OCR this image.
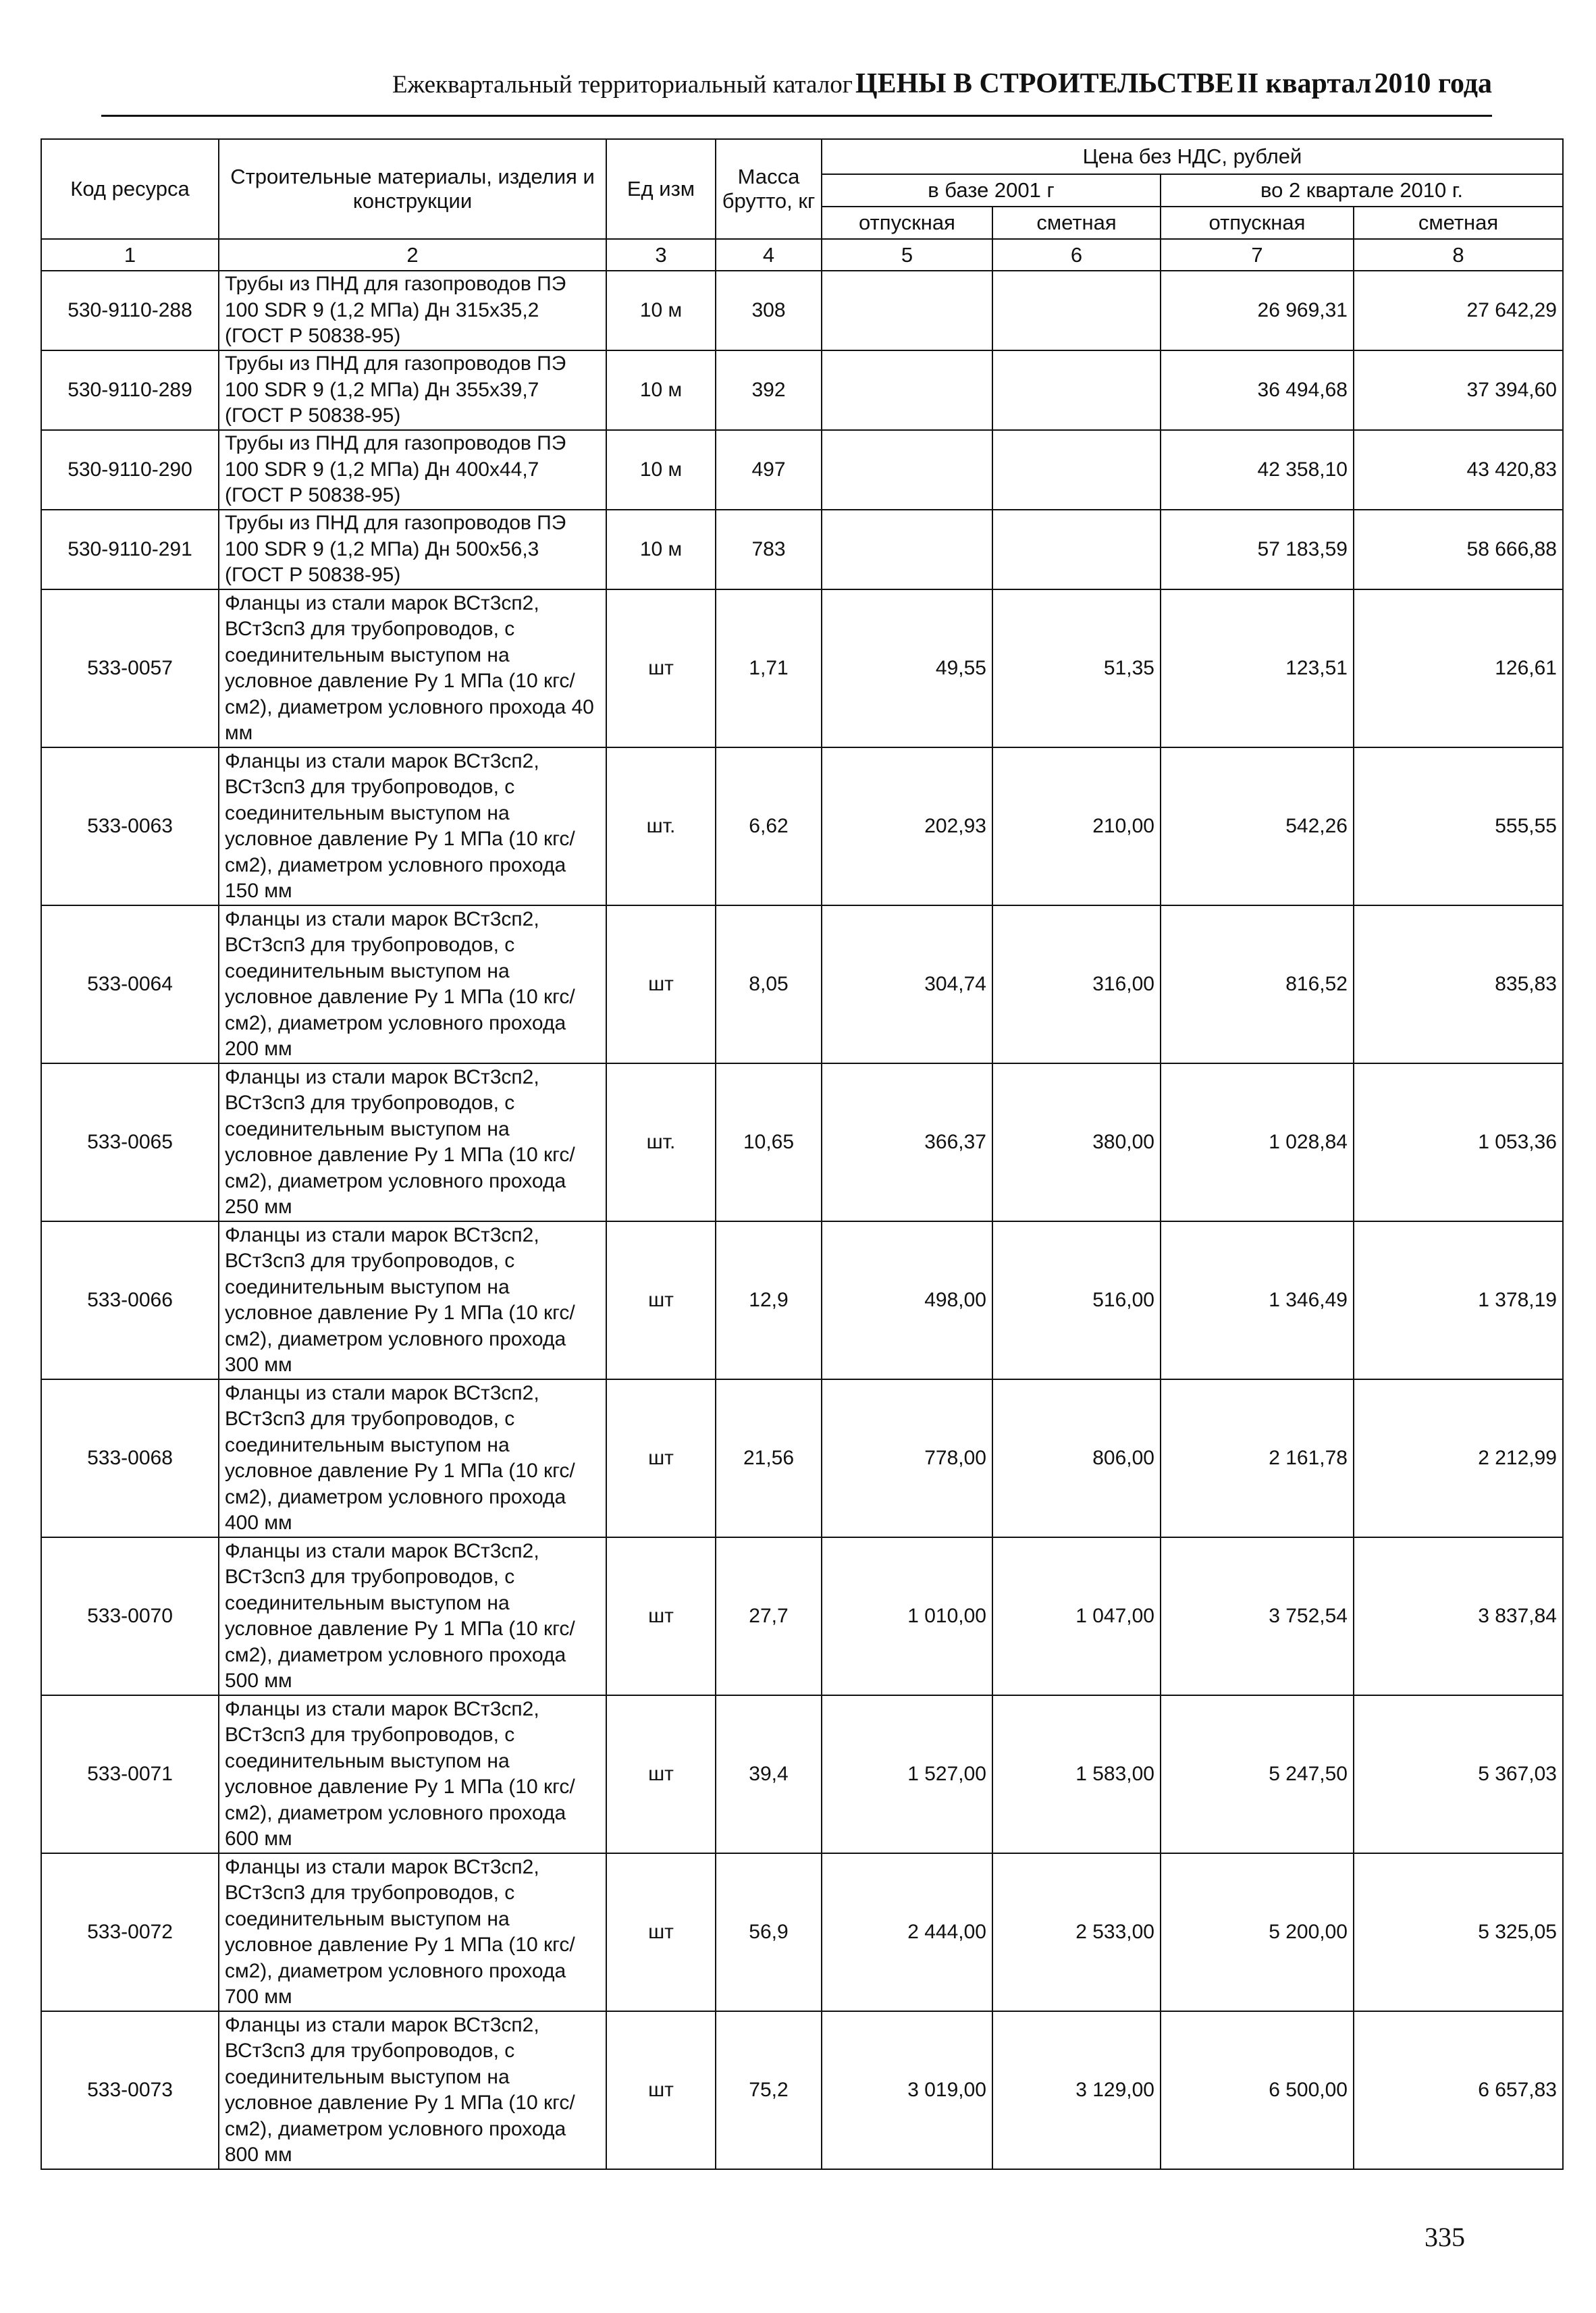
Ежеквартальный территориальный каталог ЦЕНЫ В СТРОИТЕЛЬСТВЕ II квартал 2010 года
Код ресурса	Строительные материалы, изделия и конструкции	Ед изм	Масса брутто, кг	Цена без НДС, рублей			
				в базе 2001 г		во 2 квартале 2010 г.	
				отпускная	сметная	отпускная	сметная
1	2	3	4	5	6	7	8
530-9110-288	Трубы из ПНД для газопроводов ПЭ 100 SDR 9 (1,2 МПа) Дн 315x35,2 (ГОСТ Р 50838-95)	10 м	308			26 969,31	27 642,29
530-9110-289	Трубы из ПНД для газопроводов ПЭ 100 SDR 9 (1,2 МПа) Дн 355x39,7 (ГОСТ Р 50838-95)	10 м	392			36 494,68	37 394,60
530-9110-290	Трубы из ПНД для газопроводов ПЭ 100 SDR 9 (1,2 МПа) Дн 400x44,7 (ГОСТ Р 50838-95)	10 м	497			42 358,10	43 420,83
530-9110-291	Трубы из ПНД для газопроводов ПЭ 100 SDR 9 (1,2 МПа) Дн 500x56,3 (ГОСТ Р 50838-95)	10 м	783			57 183,59	58 666,88
533-0057	Фланцы из стали марок ВСт3сп2, ВСт3сп3 для трубопроводов, с соединительным выступом на условное давление Ру 1 МПа (10 кгс/см2), диаметром условного прохода 40 мм	шт	1,71	49,55	51,35	123,51	126,61
533-0063	Фланцы из стали марок ВСт3сп2, ВСт3сп3 для трубопроводов, с соединительным выступом на условное давление Ру 1 МПа (10 кгс/см2), диаметром условного прохода 150 мм	шт.	6,62	202,93	210,00	542,26	555,55
533-0064	Фланцы из стали марок ВСт3сп2, ВСт3сп3 для трубопроводов, с соединительным выступом на условное давление Ру 1 МПа (10 кгс/см2), диаметром условного прохода 200 мм	шт	8,05	304,74	316,00	816,52	835,83
533-0065	Фланцы из стали марок ВСт3сп2, ВСт3сп3 для трубопроводов, с соединительным выступом на условное давление Ру 1 МПа (10 кгс/см2), диаметром условного прохода 250 мм	шт.	10,65	366,37	380,00	1 028,84	1 053,36
533-0066	Фланцы из стали марок ВСт3сп2, ВСт3сп3 для трубопроводов, с соединительным выступом на условное давление Ру 1 МПа (10 кгс/см2), диаметром условного прохода 300 мм	шт	12,9	498,00	516,00	1 346,49	1 378,19
533-0068	Фланцы из стали марок ВСт3сп2, ВСт3сп3 для трубопроводов, с соединительным выступом на условное давление Ру 1 МПа (10 кгс/см2), диаметром условного прохода 400 мм	шт	21,56	778,00	806,00	2 161,78	2 212,99
533-0070	Фланцы из стали марок ВСт3сп2, ВСт3сп3 для трубопроводов, с соединительным выступом на условное давление Ру 1 МПа (10 кгс/см2), диаметром условного прохода 500 мм	шт	27,7	1 010,00	1 047,00	3 752,54	3 837,84
533-0071	Фланцы из стали марок ВСт3сп2, ВСт3сп3 для трубопроводов, с соединительным выступом на условное давление Ру 1 МПа (10 кгс/см2), диаметром условного прохода 600 мм	шт	39,4	1 527,00	1 583,00	5 247,50	5 367,03
533-0072	Фланцы из стали марок ВСт3сп2, ВСт3сп3 для трубопроводов, с соединительным выступом на условное давление Ру 1 МПа (10 кгс/см2), диаметром условного прохода 700 мм	шт	56,9	2 444,00	2 533,00	5 200,00	5 325,05
533-0073	Фланцы из стали марок ВСт3сп2, ВСт3сп3 для трубопроводов, с соединительным выступом на условное давление Ру 1 МПа (10 кгс/см2), диаметром условного прохода 800 мм	шт	75,2	3 019,00	3 129,00	6 500,00	6 657,83
335
